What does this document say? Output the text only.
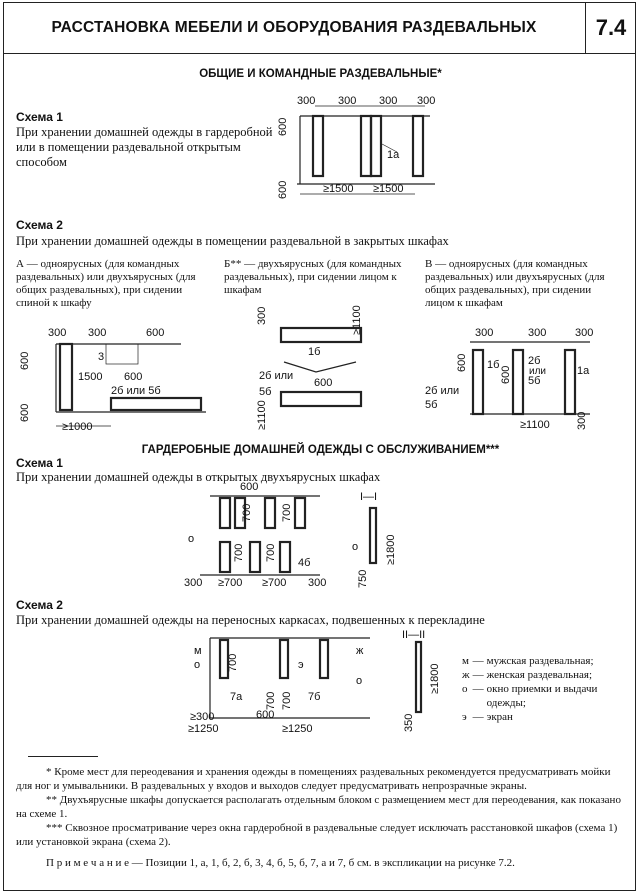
РАССТАНОВКА МЕБЕЛИ И ОБОРУДОВАНИЯ РАЗДЕВАЛЬНЫХ	7.4
ОБЩИЕ И КОМАНДНЫЕ РАЗДЕВАЛЬНЫЕ*
Схема 1
При хранении домашней одежды в гардеробной или в помещении раздевальной открытым способом
300 300 300 300
1а
600
600	≥1500 ≥1500
Схема 2
При хранении домашней одежды в помещении раздевальной в закрытых шкафах
А — одноярусных (для командных раздевальных) или двухъярусных (для общих раздевальных), при сидении спиной к шкафу
Б** — двухъярусных (для командных раздевальных), при сидении лицом к шкафам
В — одноярусных (для командных раздевальных) или двухъярусных (для общих раздевальных), при сидении лицом к шкафам
300 300	600
3
1500 600
2б или 5б
600
600
≥1000
300	≥1100
1б
2б или
5б
600
≥1100
300	300	300
600 1б
600
2б
или
5б
1а
2б или
5б
300
≥1100
ГАРДЕРОБНЫЕ ДОМАШНЕЙ ОДЕЖДЫ С ОБСЛУЖИВАНИЕМ***
Схема 1
При хранении домашней одежды в открытых двухъярусных шкафах
600
700	700
о
700 700
4б
300 ≥700 ≥700 300
I—I
о ≥1800
750
Схема 2
При хранении домашней одежды на переносных каркасах, подвешенных к перекладине
м
о 700	э
700 700
7а	7б
600
≥300
≥1250	≥1250
ж
о
II—II
≥1800
350
м	—	мужская раздевальная;
ж	—	женская раздевальная;
о	—	окно приемки и выдачи одежды;
э	—	экран
* Кроме мест для переодевания и хранения одежды в помещениях раздевальных рекомендуется предусматривать мойки для ног и умывальники. В раздевальных у входов и выходов следует предусматривать непрозрачные экраны.
** Двухъярусные шкафы допускается располагать отдельным блоком с размещением мест для переодевания, как показано на схеме 1.
*** Сквозное просматривание через окна гардеробной в раздевальные следует исключать расстановкой шкафов (схема 1) или установкой экрана (схема 2).
П р и м е ч а н и е — Позиции 1, а, 1, б, 2, б, 3, 4, б, 5, б, 7, а и 7, б см. в экспликации на рисунке 7.2.
